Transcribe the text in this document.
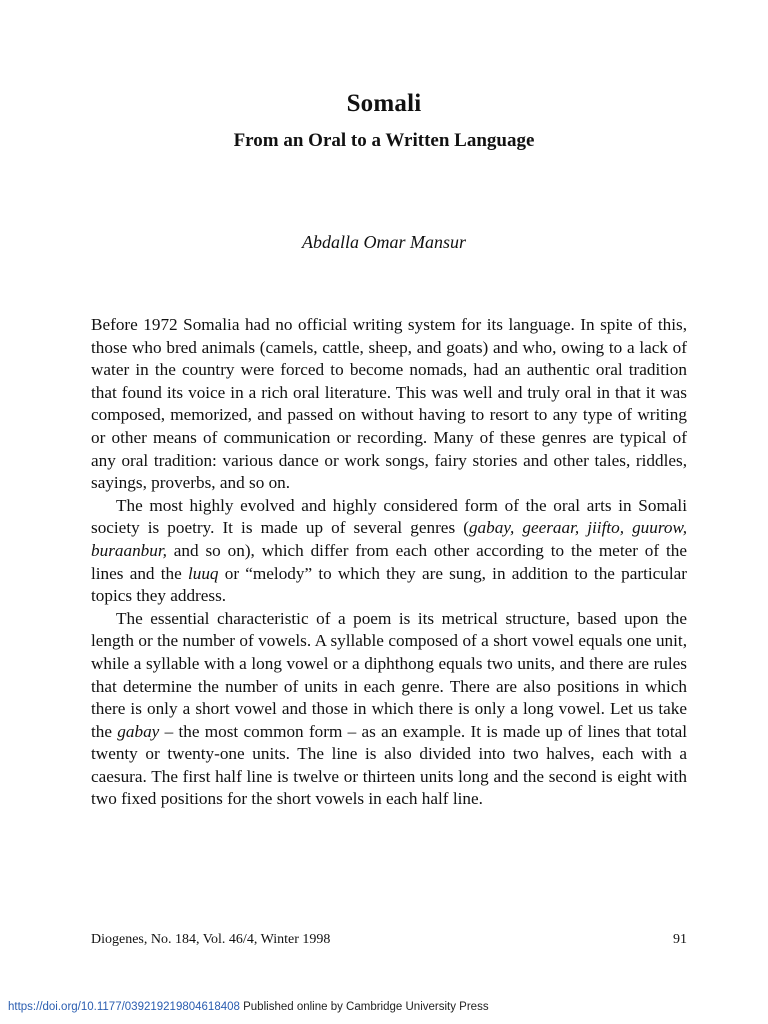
Somali
From an Oral to a Written Language
Abdalla Omar Mansur

Before 1972 Somalia had no official writing system for its language. In spite of this, those who bred animals (camels, cattle, sheep, and goats) and who, owing to a lack of water in the country were forced to become nomads, had an authentic oral tradition that found its voice in a rich oral literature. This was well and truly oral in that it was composed, memorized, and passed on without having to resort to any type of writing or other means of communication or recording. Many of these genres are typical of any oral tradition: various dance or work songs, fairy stories and other tales, riddles, sayings, proverbs, and so on.

The most highly evolved and highly considered form of the oral arts in Somali society is poetry. It is made up of several genres (gabay, geeraar, jiifto, guurow, buraanbur, and so on), which differ from each other according to the meter of the lines and the luuq or “melody” to which they are sung, in addition to the particular topics they address.

The essential characteristic of a poem is its metrical structure, based upon the length or the number of vowels. A syllable composed of a short vowel equals one unit, while a syllable with a long vowel or a diphthong equals two units, and there are rules that determine the number of units in each genre. There are also positions in which there is only a short vowel and those in which there is only a long vowel. Let us take the gabay – the most common form – as an example. It is made up of lines that total twenty or twenty-one units. The line is also divided into two halves, each with a caesura. The first half line is twelve or thirteen units long and the second is eight with two fixed positions for the short vowels in each half line.

Diogenes, No. 184, Vol. 46/4, Winter 1998	91
https://doi.org/10.1177/039219219804618408 Published online by Cambridge University Press
